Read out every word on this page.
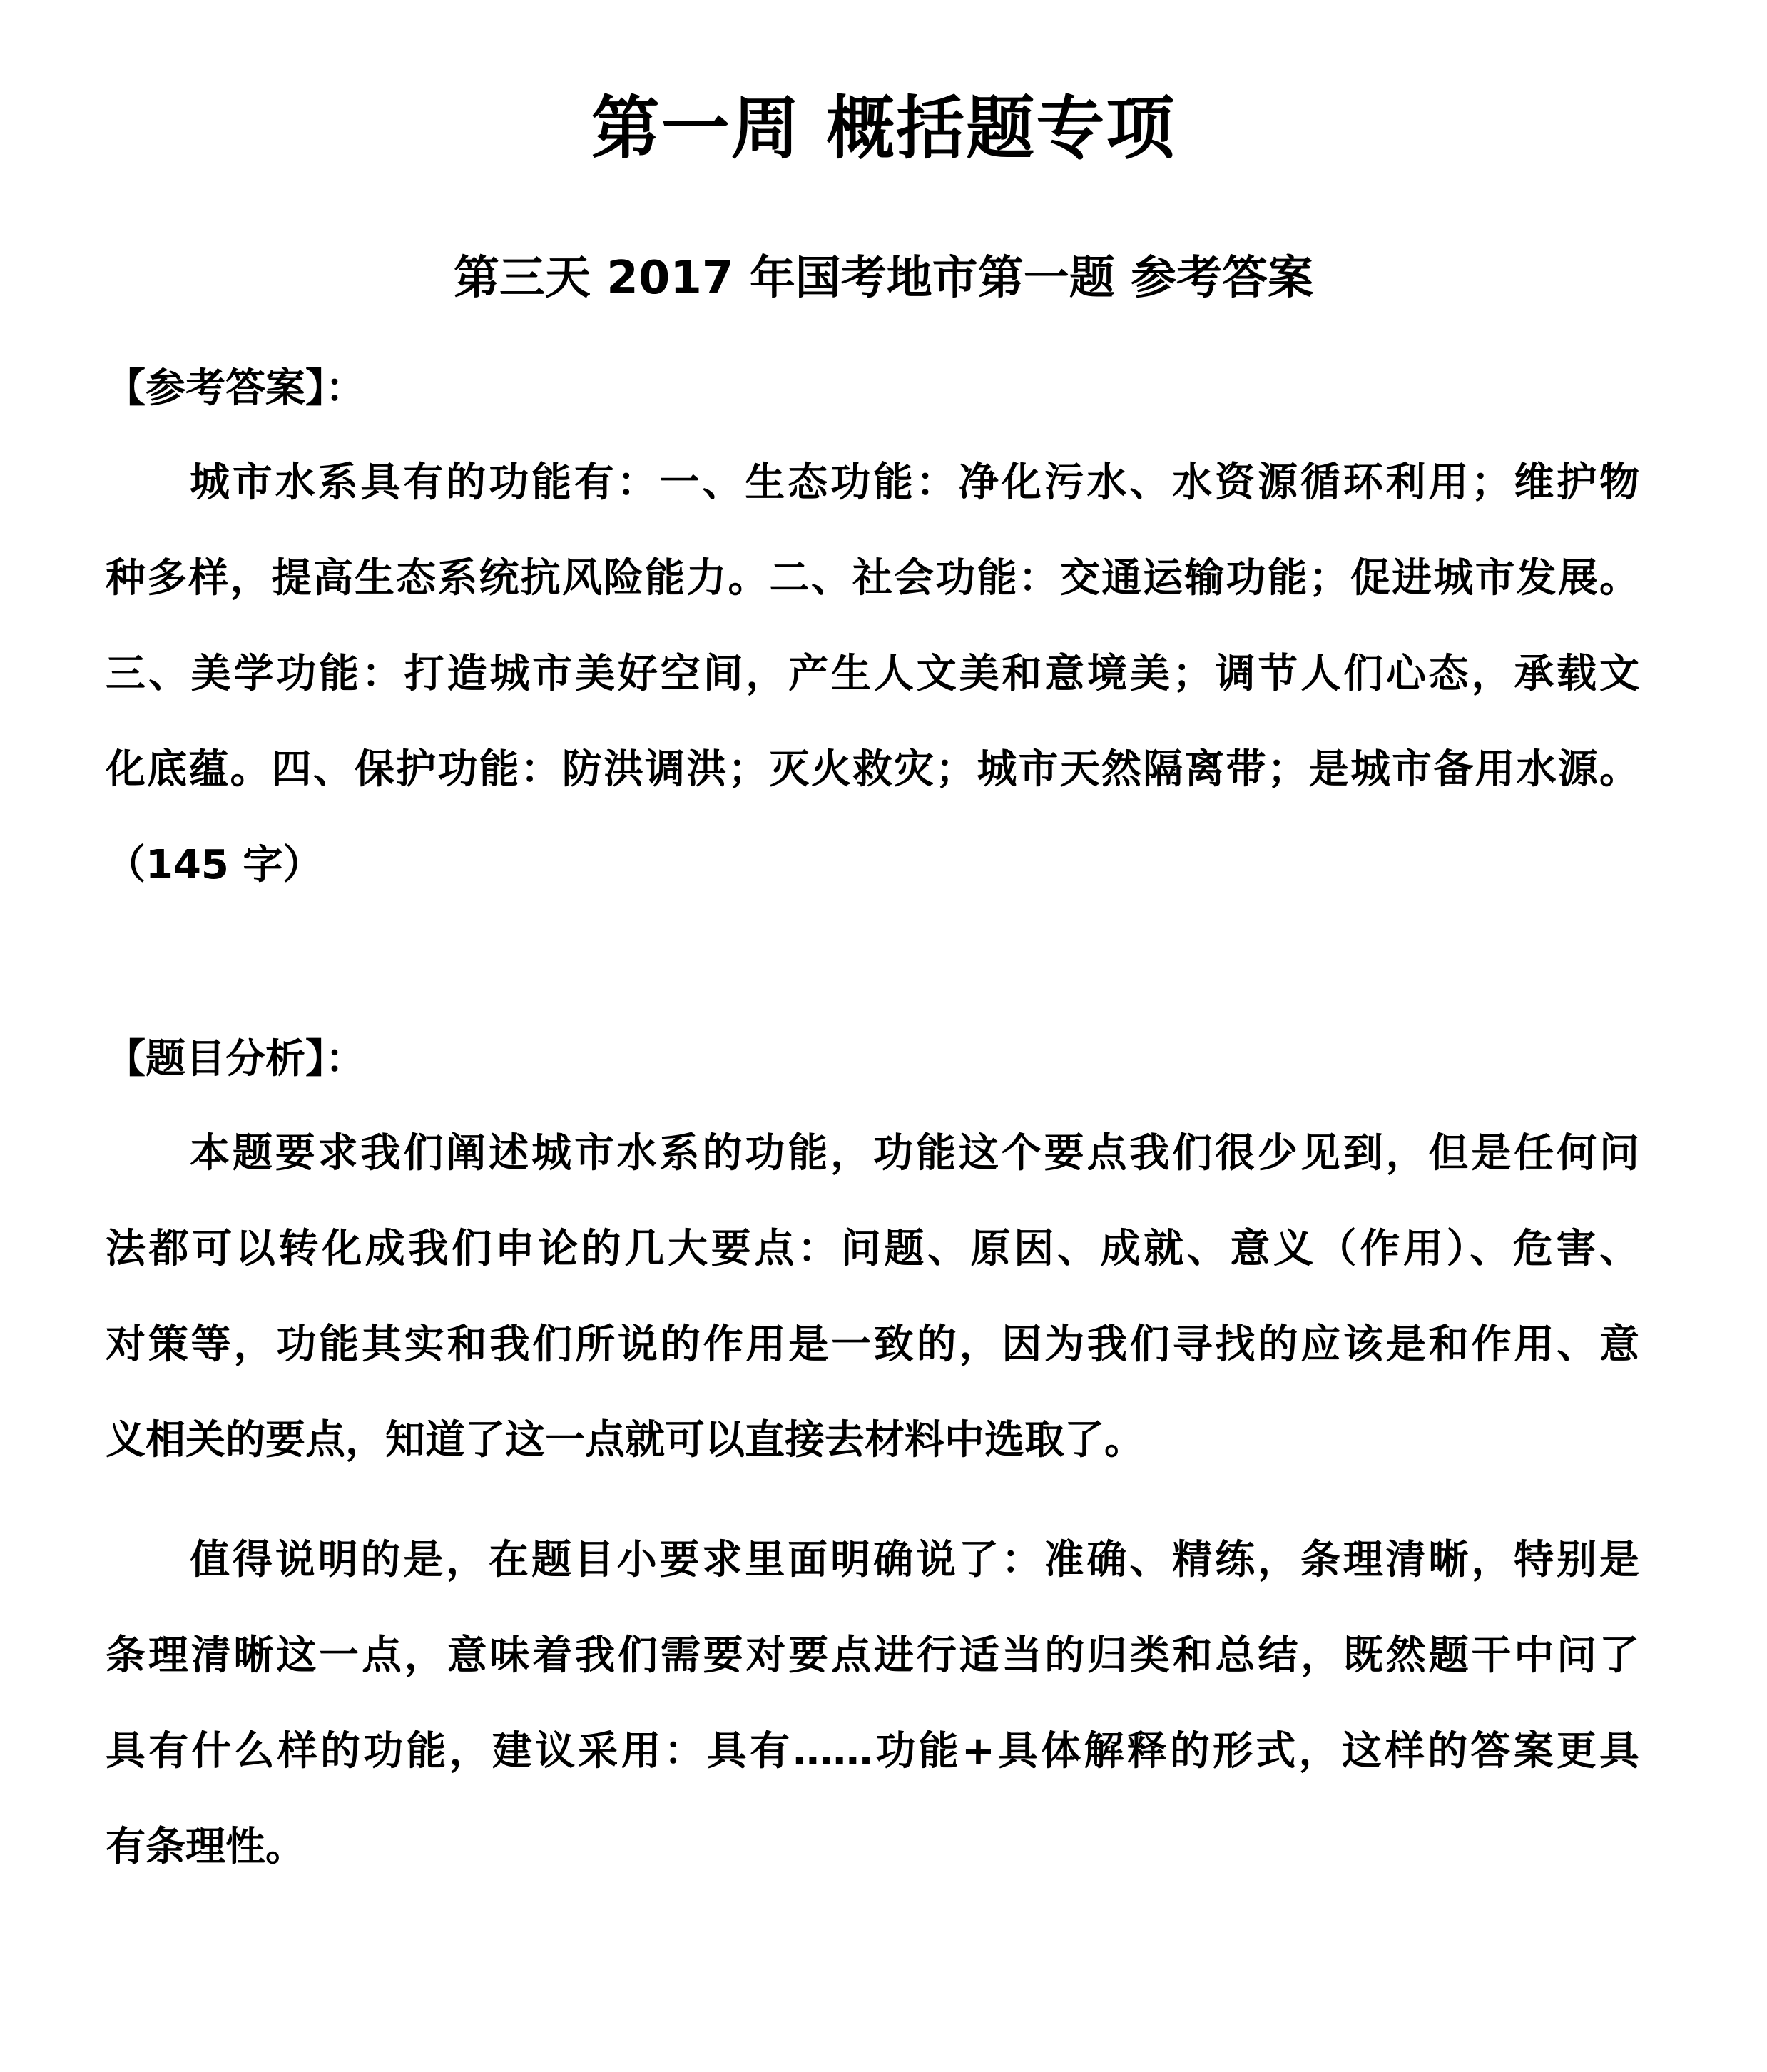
第一周 概括题专项
第三天 2017 年国考地市第一题 参考答案
【参考答案】：
城市水系具有的功能有：一、生态功能：净化污水、水资源循环利用；维护物
种多样，提高生态系统抗风险能力。二、社会功能：交通运输功能；促进城市发展。
三、美学功能：打造城市美好空间，产生人文美和意境美；调节人们心态，承载文
化底蕴。四、保护功能：防洪调洪；灭火救灾；城市天然隔离带；是城市备用水源。
（145 字）
【题目分析】：
本题要求我们阐述城市水系的功能，功能这个要点我们很少见到，但是任何问
法都可以转化成我们申论的几大要点：问题、原因、成就、意义（作用）、危害、
对策等，功能其实和我们所说的作用是一致的，因为我们寻找的应该是和作用、意
义相关的要点，知道了这一点就可以直接去材料中选取了。
值得说明的是，在题目小要求里面明确说了：准确、精练，条理清晰，特别是
条理清晰这一点，意味着我们需要对要点进行适当的归类和总结，既然题干中问了
具有什么样的功能，建议采用：具有……功能+具体解释的形式，这样的答案更具
有条理性。
